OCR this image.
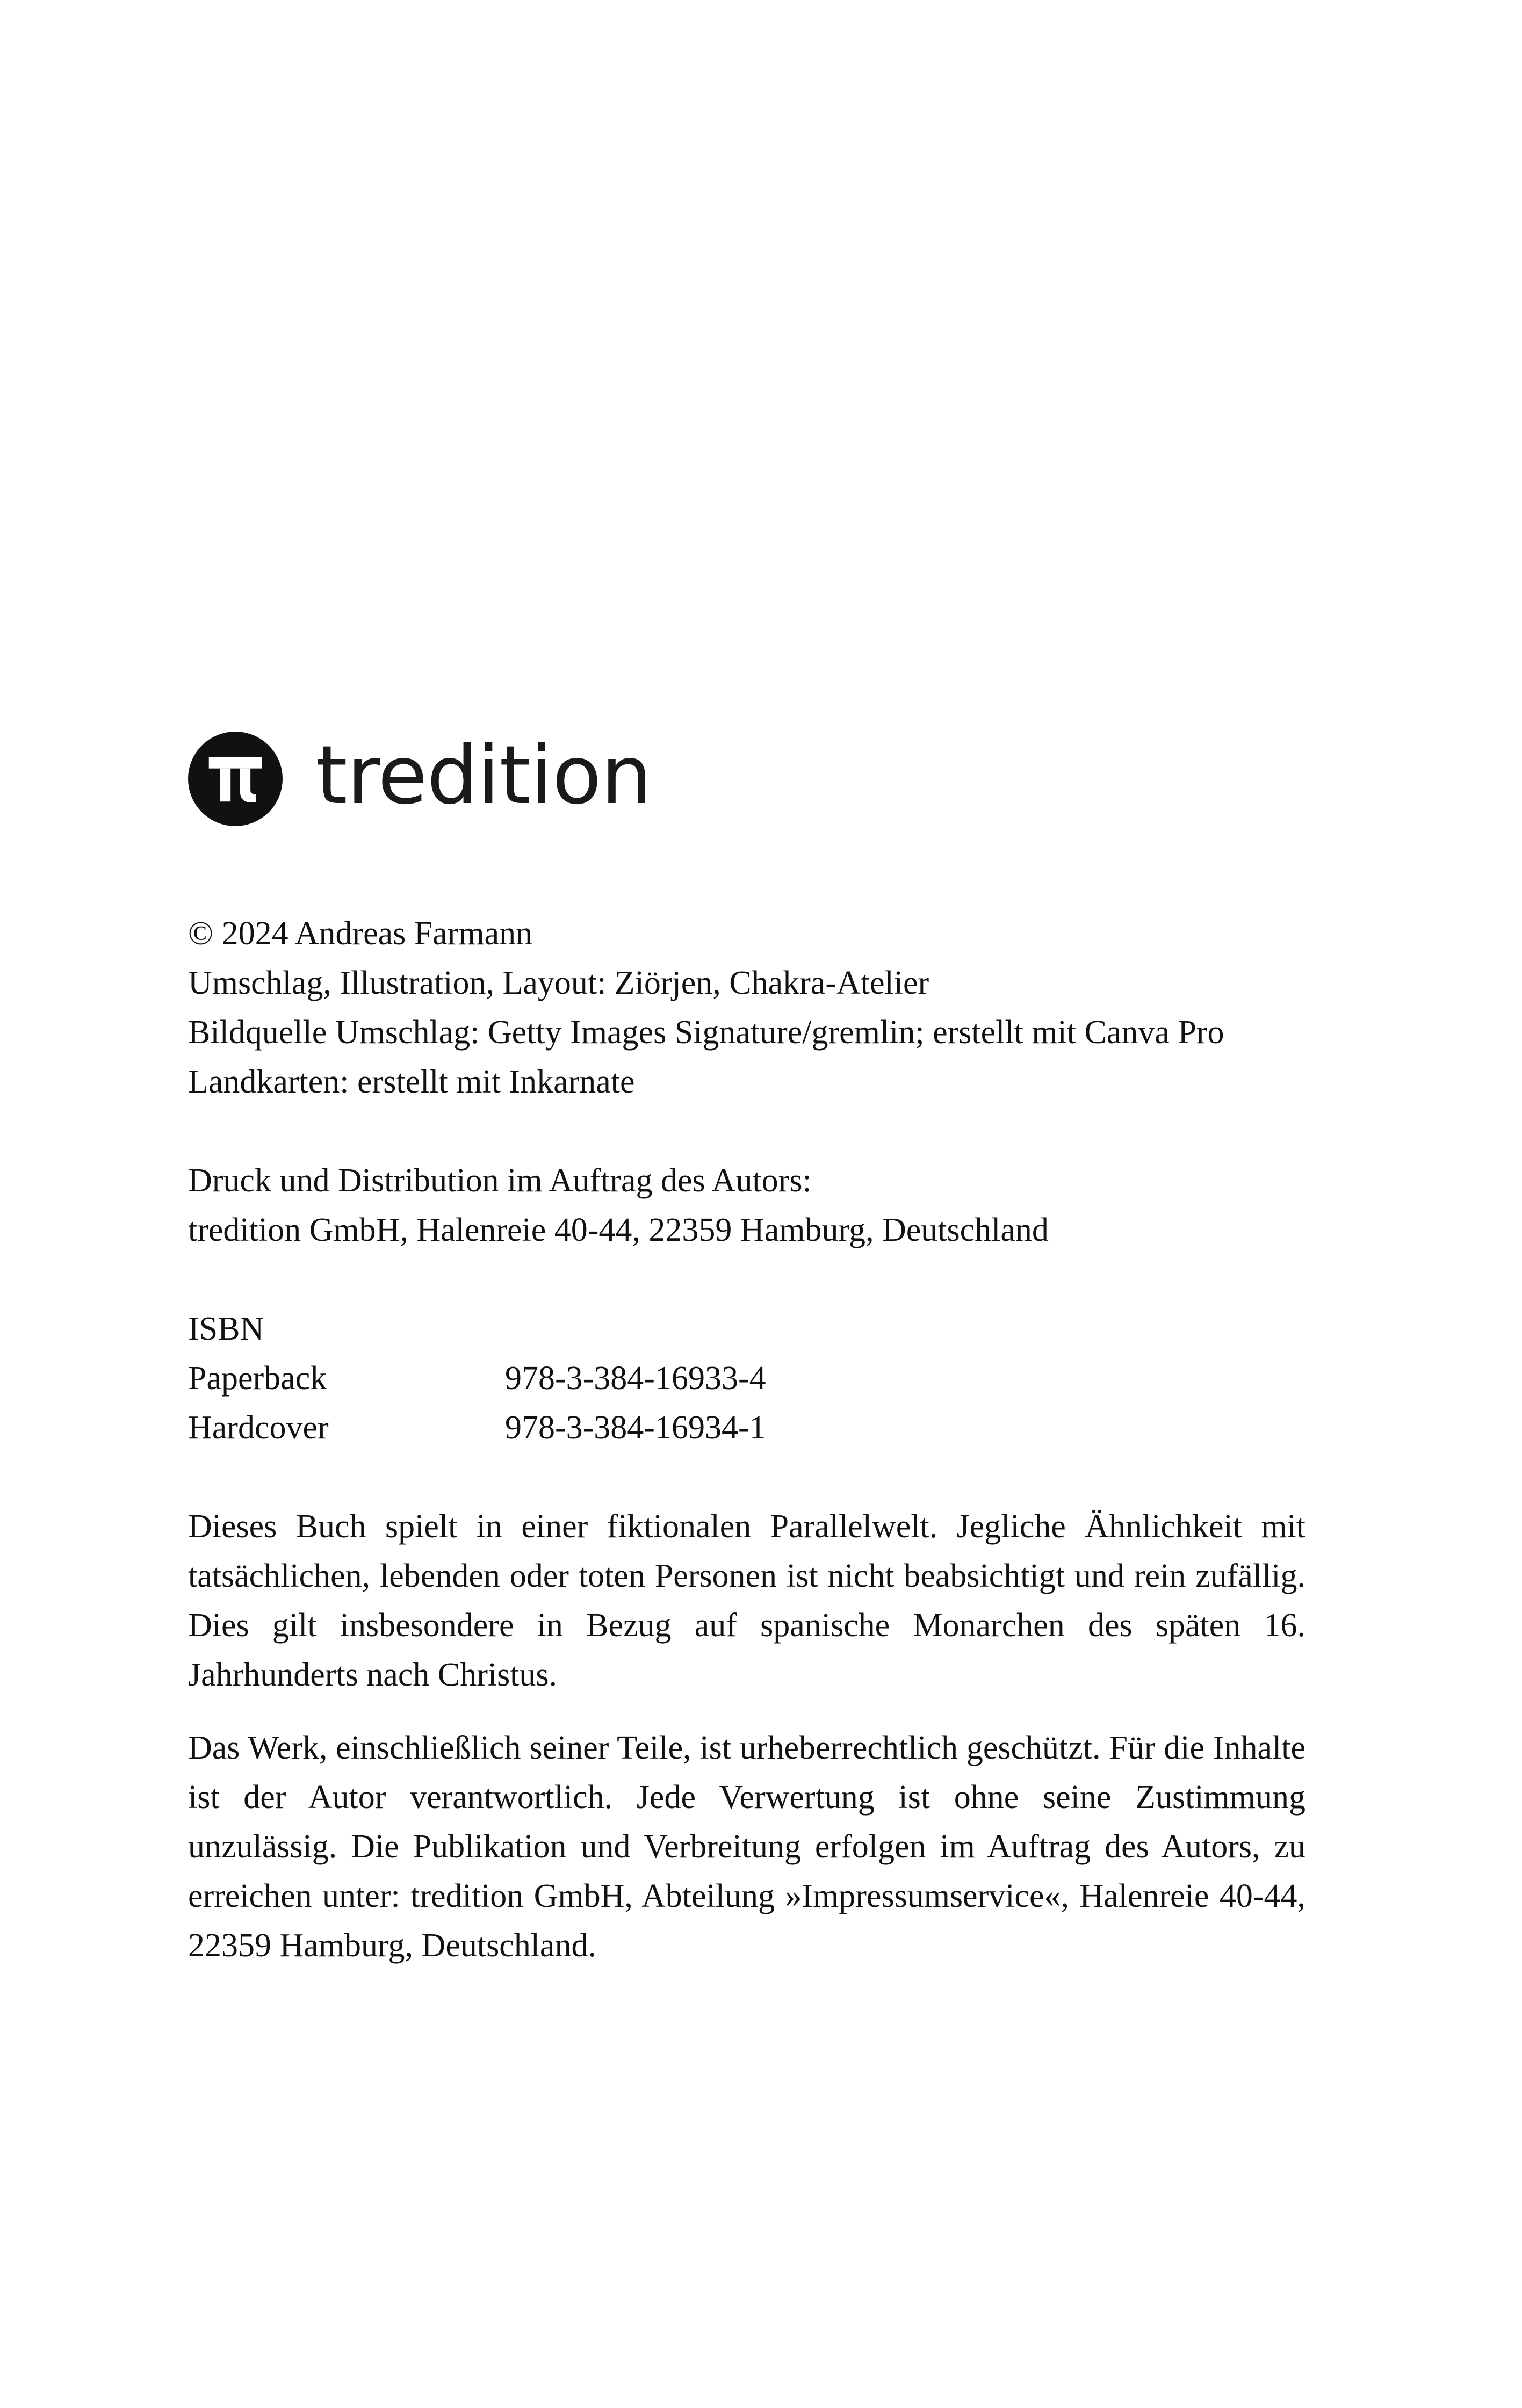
tredition
© 2024 Andreas Farmann
Umschlag, Illustration, Layout: Ziörjen, Chakra-Atelier
Bildquelle Umschlag: Getty Images Signature/gremlin; erstellt mit Canva Pro
Landkarten: erstellt mit Inkarnate
Druck und Distribution im Auftrag des Autors:
tredition GmbH, Halenreie 40-44, 22359 Hamburg, Deutschland
ISBN
Paperback	978-3-384-16933-4
Hardcover	978-3-384-16934-1
Dieses Buch spielt in einer fiktionalen Parallelwelt. Jegliche Ähnlichkeit mit tatsächlichen, lebenden oder toten Personen ist nicht beabsichtigt und rein zufällig. Dies gilt insbesondere in Bezug auf spanische Monarchen des späten 16. Jahrhunderts nach Christus.
Das Werk, einschließlich seiner Teile, ist urheberrechtlich geschützt. Für die Inhalte ist der Autor verantwortlich. Jede Verwertung ist ohne seine Zustimmung unzulässig. Die Publikation und Verbreitung erfolgen im Auftrag des Autors, zu erreichen unter: tredition GmbH, Abteilung »Impressumservice«, Halenreie 40-44, 22359 Hamburg, Deutschland.
